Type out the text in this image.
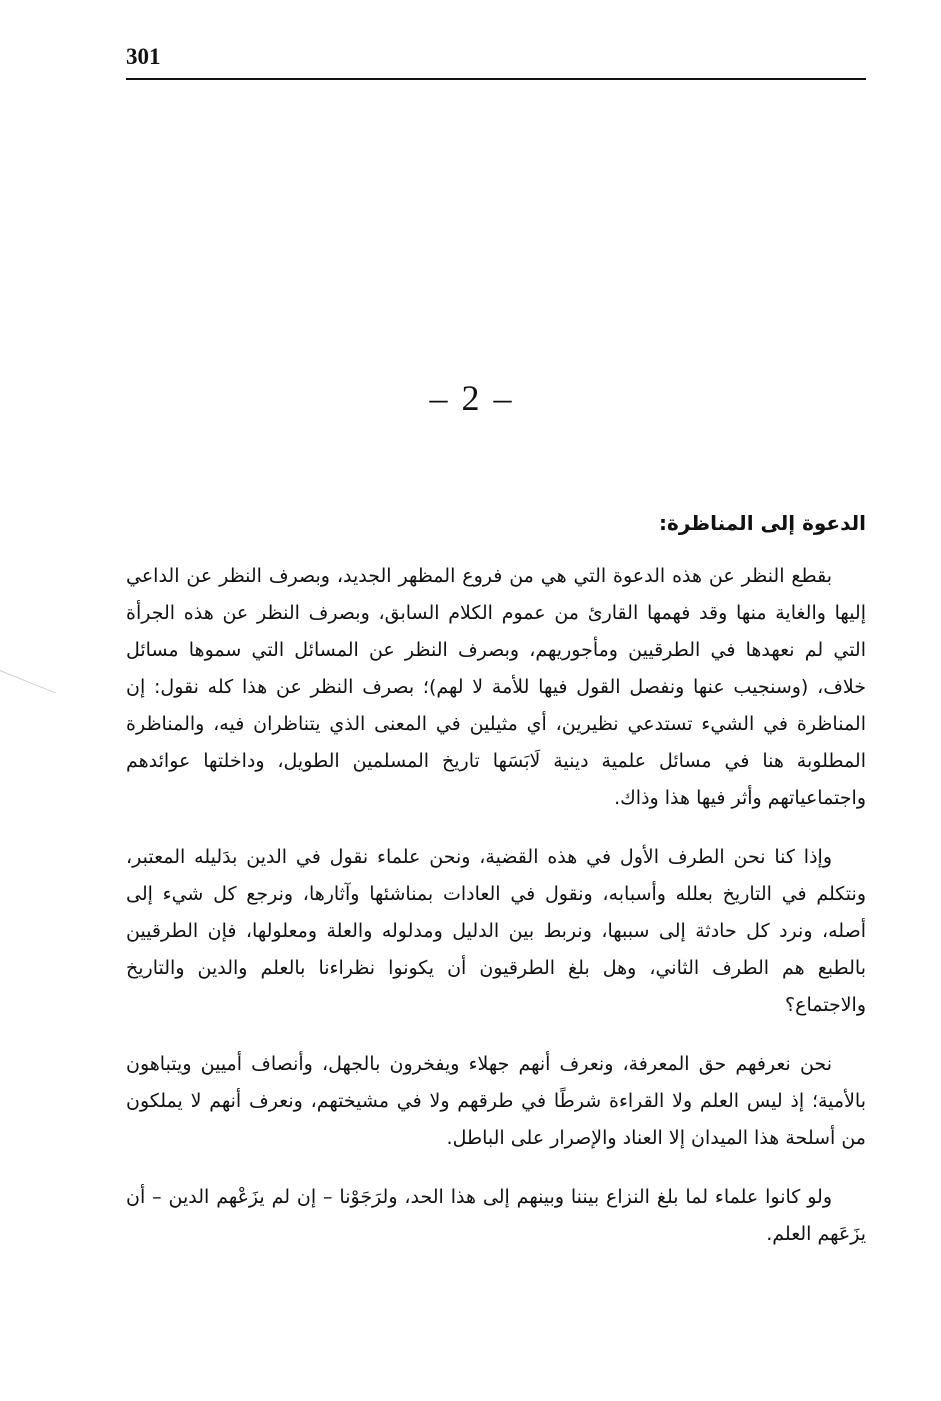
301
– 2 –
الدعوة إلى المناظرة:

بقطع النظر عن هذه الدعوة التي هي من فروع المظهر الجديد، وبصرف النظر عن الداعي إليها والغاية منها وقد فهمها القارئ من عموم الكلام السابق، وبصرف النظر عن هذه الجرأة التي لم نعهدها في الطرقيين ومأجوريهم، وبصرف النظر عن المسائل التي سموها مسائل خلاف، (وسنجيب عنها ونفصل القول فيها للأمة لا لهم)؛ بصرف النظر عن هذا كله نقول: إن المناظرة في الشيء تستدعي نظيرين، أي مثيلين في المعنى الذي يتناظران فيه، والمناظرة المطلوبة هنا في مسائل علمية دينية لَابَسَها تاريخ المسلمين الطويل، وداخلتها عوائدهم واجتماعياتهم وأثر فيها هذا وذاك.

وإذا كنا نحن الطرف الأول في هذه القضية، ونحن علماء نقول في الدين بدَليله المعتبر، ونتكلم في التاريخ بعلله وأسبابه، ونقول في العادات بمناشئها وآثارها، ونرجع كل شيء إلى أصله، ونرد كل حادثة إلى سببها، ونربط بين الدليل ومدلوله والعلة ومعلولها، فإن الطرقيين بالطبع هم الطرف الثاني، وهل بلغ الطرقيون أن يكونوا نظراءنا بالعلم والدين والتاريخ والاجتماع؟

نحن نعرفهم حق المعرفة، ونعرف أنهم جهلاء ويفخرون بالجهل، وأنصاف أميين ويتباهون بالأمية؛ إذ ليس العلم ولا القراءة شرطًا في طرقهم ولا في مشيختهم، ونعرف أنهم لا يملكون من أسلحة هذا الميدان إلا العناد والإصرار على الباطل.

ولو كانوا علماء لما بلغ النزاع بيننا وبينهم إلى هذا الحد، ولرَجَوْنا – إن لم يزَعْهم الدين – أن يزَعَهم العلم.
